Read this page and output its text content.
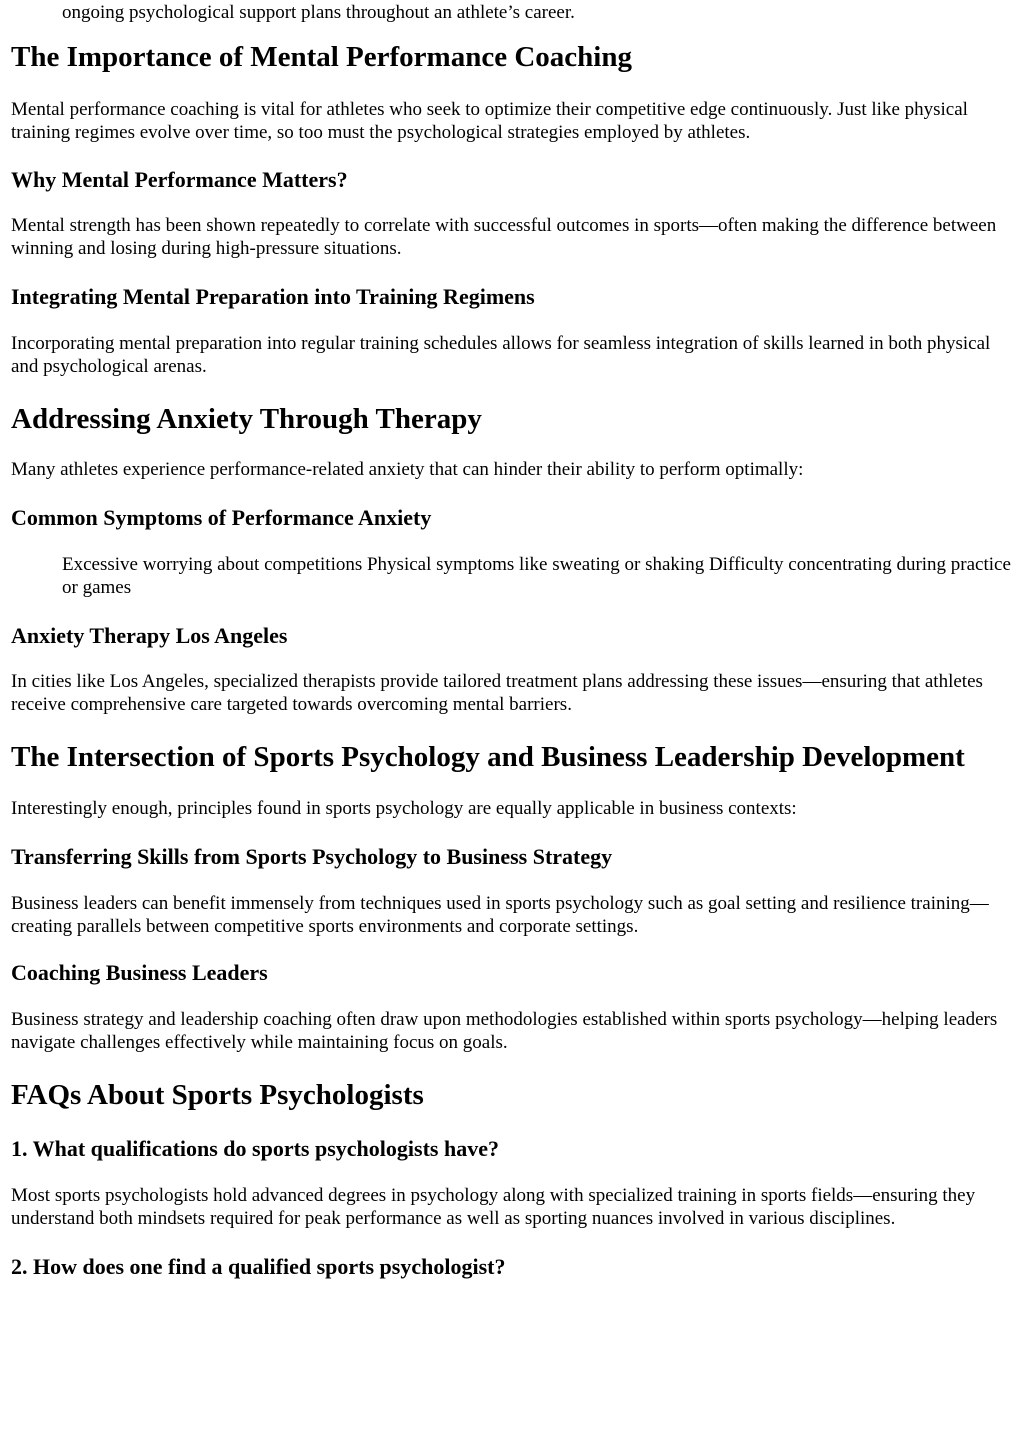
ongoing psychological support plans throughout an athlete’s career.

The Importance of Mental Performance Coaching

Mental performance coaching is vital for athletes who seek to optimize their competitive edge continuously. Just like physical training regimes evolve over time, so too must the psychological strategies employed by athletes.

Why Mental Performance Matters?

Mental strength has been shown repeatedly to correlate with successful outcomes in sports—often making the difference between winning and losing during high-pressure situations.

Integrating Mental Preparation into Training Regimens

Incorporating mental preparation into regular training schedules allows for seamless integration of skills learned in both physical and psychological arenas.

Addressing Anxiety Through Therapy

Many athletes experience performance-related anxiety that can hinder their ability to perform optimally:

Common Symptoms of Performance Anxiety

Excessive worrying about competitions Physical symptoms like sweating or shaking Difficulty concentrating during practice or games

Anxiety Therapy Los Angeles

In cities like Los Angeles, specialized therapists provide tailored treatment plans addressing these issues—ensuring that athletes receive comprehensive care targeted towards overcoming mental barriers.

The Intersection of Sports Psychology and Business Leadership Development

Interestingly enough, principles found in sports psychology are equally applicable in business contexts:

Transferring Skills from Sports Psychology to Business Strategy

Business leaders can benefit immensely from techniques used in sports psychology such as goal setting and resilience training—creating parallels between competitive sports environments and corporate settings.

Coaching Business Leaders

Business strategy and leadership coaching often draw upon methodologies established within sports psychology—helping leaders navigate challenges effectively while maintaining focus on goals.

FAQs About Sports Psychologists
1. What qualifications do sports psychologists have?

Most sports psychologists hold advanced degrees in psychology along with specialized training in sports fields—ensuring they understand both mindsets required for peak performance as well as sporting nuances involved in various disciplines.

2. How does one find a qualified sports psychologist?
